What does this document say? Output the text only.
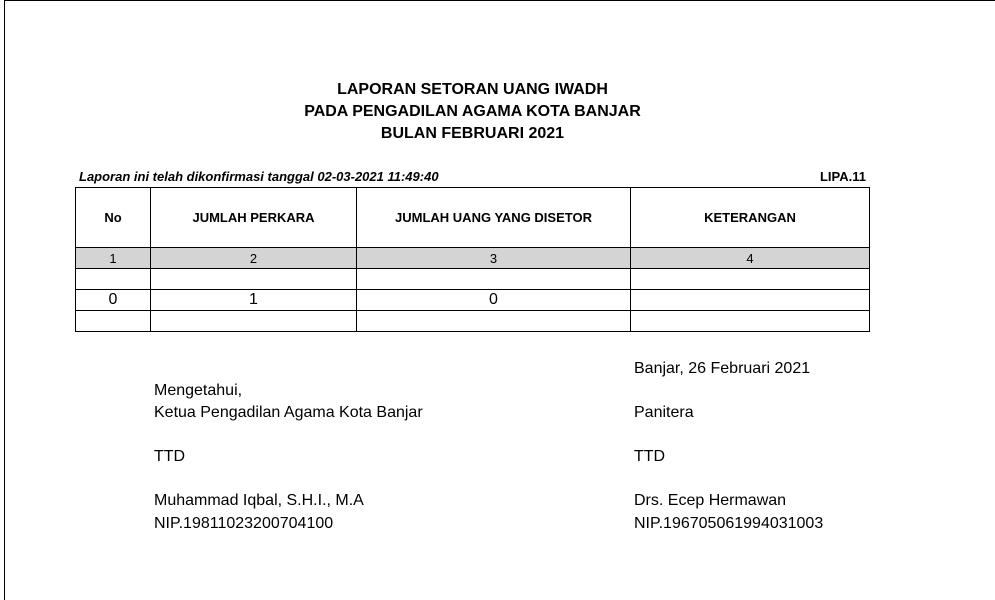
LAPORAN SETORAN UANG IWADH
PADA PENGADILAN AGAMA KOTA BANJAR
BULAN FEBRUARI 2021
Laporan ini telah dikonfirmasi tanggal 02-03-2021 11:49:40	LIPA.11
No	JUMLAH PERKARA	JUMLAH UANG YANG DISETOR	KETERANGAN
1	2	3	4

0	1	0	

Mengetahui,
Ketua Pengadilan Agama Kota Banjar
TTD
Muhammad Iqbal, S.H.I., M.A
NIP.19811023200704100
Banjar, 26 Februari 2021
Panitera
TTD
Drs. Ecep Hermawan
NIP.196705061994031003
